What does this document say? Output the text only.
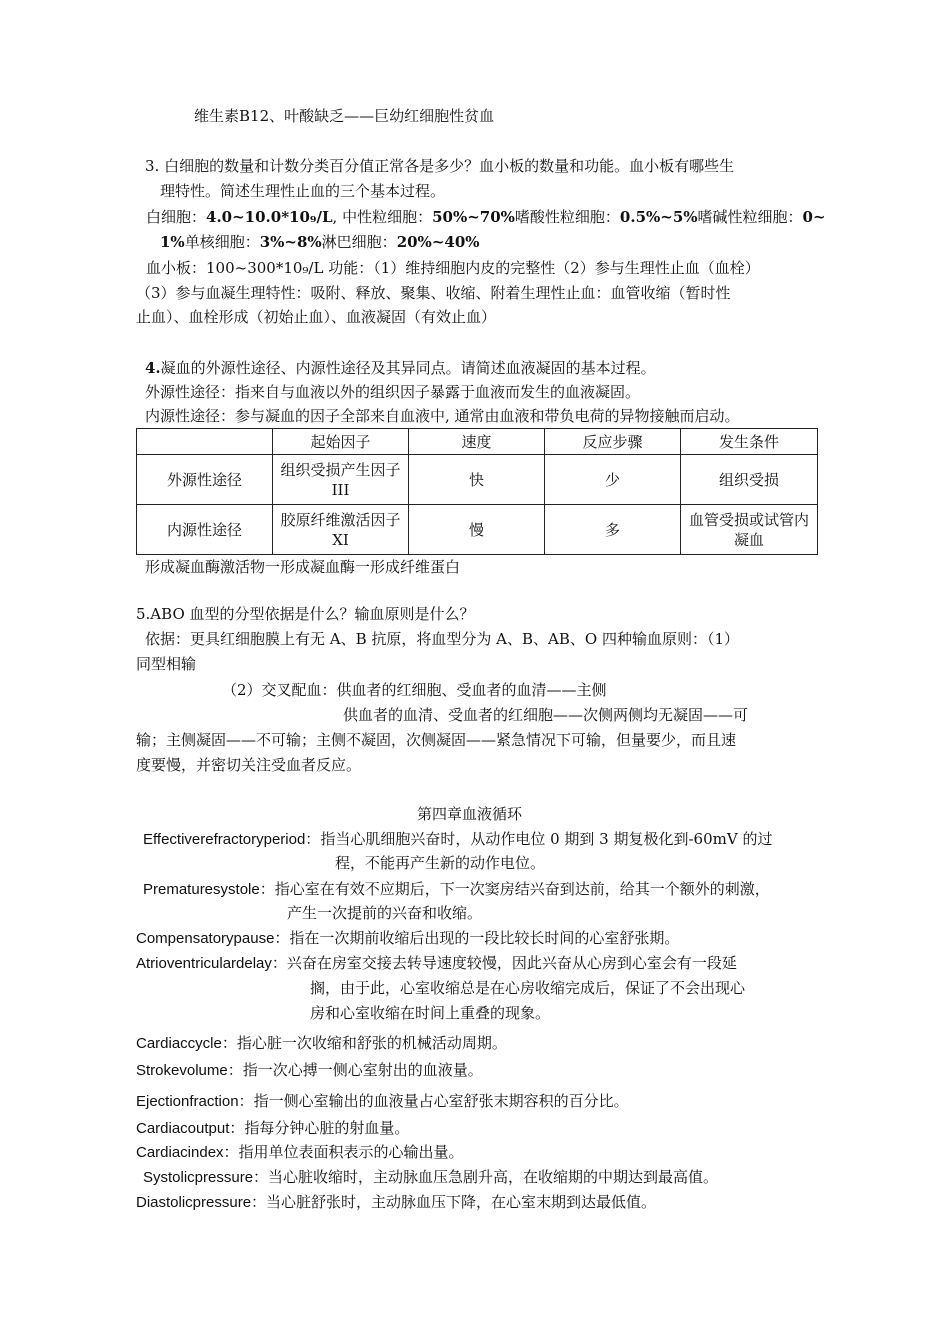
维生素B12、叶酸缺乏——巨幼红细胞性贫血
3. 白细胞的数量和计数分类百分值正常各是多少？血小板的数量和功能。血小板有哪些生
理特性。简述生理性止血的三个基本过程。
白细胞：4.0~10.0*10₉/L, 中性粒细胞：50%~70%嗜酸性粒细胞：0.5%~5%嗜碱性粒细胞：0~
1%单核细胞：3%~8%淋巴细胞：20%~40%
血小板：100~300*10₉/L 功能：（1）维持细胞内皮的完整性（2）参与生理性止血（血栓）
（3）参与血凝生理特性：吸附、释放、聚集、收缩、附着生理性止血：血管收缩（暂时性
止血）、血栓形成（初始止血）、血液凝固（有效止血）
4.凝血的外源性途径、内源性途径及其异同点。请简述血液凝固的基本过程。
外源性途径：指来自与血液以外的组织因子暴露于血液而发生的血液凝固。
内源性途径：参与凝血的因子全部来自血液中, 通常由血液和带负电荷的异物接触而启动。
	起始因子	速度	反应步骤	发生条件
外源性途径	组织受损产生因子 III	快	少	组织受损
内源性途径	胶原纤维激活因子 XI	慢	多	血管受损或试管内凝血
形成凝血酶激活物一形成凝血酶一形成纤维蛋白
5.ABO 血型的分型依据是什么？输血原则是什么？
依据：更具红细胞膜上有无 A、B 抗原，将血型分为 A、B、AB、O 四种输血原则：（1）
同型相输
（2）交叉配血：供血者的红细胞、受血者的血清——主侧
供血者的血清、受血者的红细胞——次侧两侧均无凝固——可
输；主侧凝固——不可输；主侧不凝固，次侧凝固——紧急情况下可输，但量要少，而且速
度要慢，并密切关注受血者反应。
第四章血液循环
Effectiverefractoryperiod：指当心肌细胞兴奋时，从动作电位 0 期到 3 期复极化到-60mV 的过
程，不能再产生新的动作电位。
Prematuresystole：指心室在有效不应期后，下一次窦房结兴奋到达前，给其一个额外的刺激，
产生一次提前的兴奋和收缩。
Compensatorypause：指在一次期前收缩后出现的一段比较长时间的心室舒张期。
Atrioventriculardelay：兴奋在房室交接去转导速度较慢，因此兴奋从心房到心室会有一段延
搁，由于此，心室收缩总是在心房收缩完成后，保证了不会出现心
房和心室收缩在时间上重叠的现象。
Cardiaccycle：指心脏一次收缩和舒张的机械活动周期。
Strokevolume：指一次心搏一侧心室射出的血液量。
Ejectionfraction：指一侧心室输出的血液量占心室舒张末期容积的百分比。
Cardiacoutput：指每分钟心脏的射血量。
Cardiacindex：指用单位表面积表示的心输出量。
Systolicpressure：当心脏收缩时，主动脉血压急剧升高，在收缩期的中期达到最高值。
Diastolicpressure：当心脏舒张时，主动脉血压下降，在心室末期到达最低值。
